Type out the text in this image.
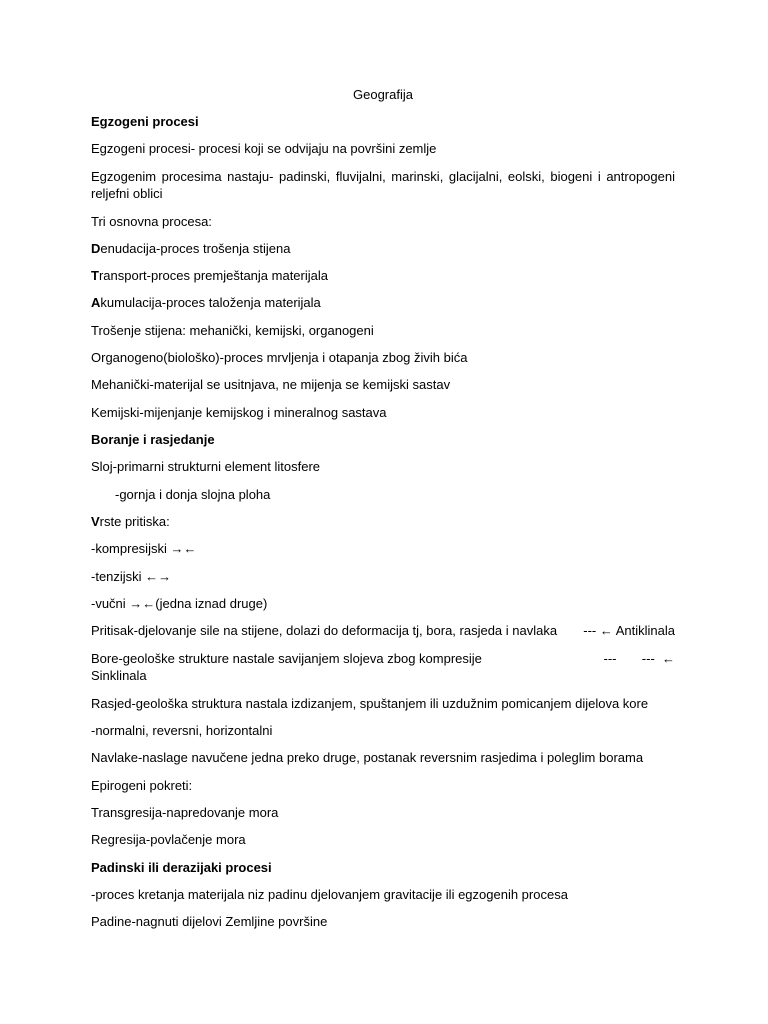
Geografija
Egzogeni procesi
Egzogeni procesi- procesi koji se odvijaju na površini zemlje
Egzogenim procesima nastaju- padinski, fluvijalni, marinski, glacijalni, eolski, biogeni i antropogeni
reljefni oblici
Tri osnovna procesa:
Denudacija-proces trošenja stijena
Transport-proces premještanja materijala
Akumulacija-proces taloženja materijala
Trošenje stijena: mehanički, kemijski, organogeni
Organogeno(biološko)-proces mrvljenja i otapanja zbog živih bića
Mehanički-materijal se usitnjava, ne mijenja se kemijski sastav
Kemijski-mijenjanje kemijskog i mineralnog sastava
Boranje i rasjedanje
Sloj-primarni strukturni element litosfere
-gornja i donja slojna ploha
Vrste pritiska:
-kompresijski →←
-tenzijski ←→
-vučni →←(jedna iznad druge)
Pritisak-djelovanje sile na stijene, dolazi do deformacija tj, bora, rasjeda i navlaka --- ← Antiklinala
Bore-geološke strukture nastale savijanjem slojeva zbog kompresije	---       ---  ←
Sinklinala
Rasjed-geološka struktura nastala izdizanjem, spuštanjem ili uzdužnim pomicanjem dijelova kore
-normalni, reversni, horizontalni
Navlake-naslage navučene jedna preko druge, postanak reversnim rasjedima i poleglim borama
Epirogeni pokreti:
Transgresija-napredovanje mora
Regresija-povlačenje mora
Padinski ili derazijaki procesi
-proces kretanja materijala niz padinu djelovanjem gravitacije ili egzogenih procesa
Padine-nagnuti dijelovi Zemljine površine
